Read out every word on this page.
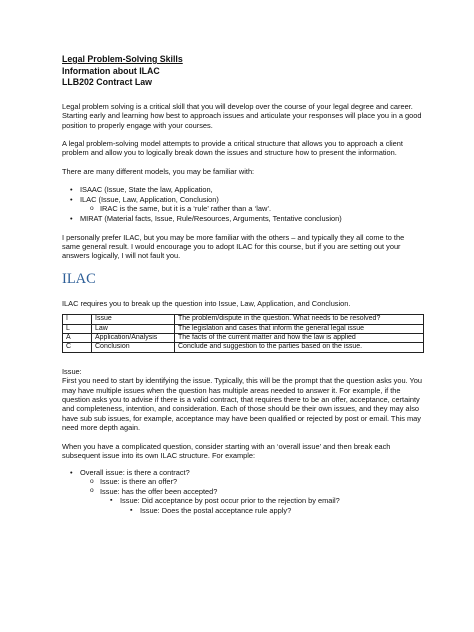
Legal Problem-Solving Skills

Information about ILAC

LLB202 Contract Law

Legal problem solving is a critical skill that you will develop over the course of your legal degree and career. Starting early and learning how best to approach issues and articulate your responses will place you in a good position to properly engage with your courses.

A legal problem-solving model attempts to provide a critical structure that allows you to approach a client problem and allow you to logically break down the issues and structure how to present the information.

There are many different models, you may be familiar with:

• ISAAC (Issue, State the law, Application,
• ILAC (Issue, Law, Application, Conclusion)
o IRAC is the same, but it is a ‘rule’ rather than a ‘law’.
• MIRAT (Material facts, Issue, Rule/Resources, Arguments, Tentative conclusion)

I personally prefer ILAC, but you may be more familiar with the others – and typically they all come to the same general result. I would encourage you to adopt ILAC for this course, but if you are setting out your answers logically, I will not fault you.

ILAC

ILAC requires you to break up the question into Issue, Law, Application, and Conclusion.

I	Issue	The problem/dispute in the question. What needs to be resolved?
L	Law	The legislation and cases that inform the general legal issue
A	Application/Analysis	The facts of the current matter and how the law is applied
C	Conclusion	Conclude and suggestion to the parties based on the issue.

Issue:

First you need to start by identifying the issue. Typically, this will be the prompt that the question asks you. You may have multiple issues when the question has multiple areas needed to answer it. For example, if the question asks you to advise if there is a valid contract, that requires there to be an offer, acceptance, certainty and completeness, intention, and consideration. Each of those should be their own issues, and they may also have sub sub issues, for example, acceptance may have been qualified or rejected by post or email. This may need more depth again.

When you have a complicated question, consider starting with an ‘overall issue’ and then break each subsequent issue into its own ILAC structure. For example:

• Overall issue: is there a contract?
o Issue: is there an offer?
o Issue: has the offer been accepted?
▪ Issue: Did acceptance by post occur prior to the rejection by email?
▪ Issue: Does the postal acceptance rule apply?
